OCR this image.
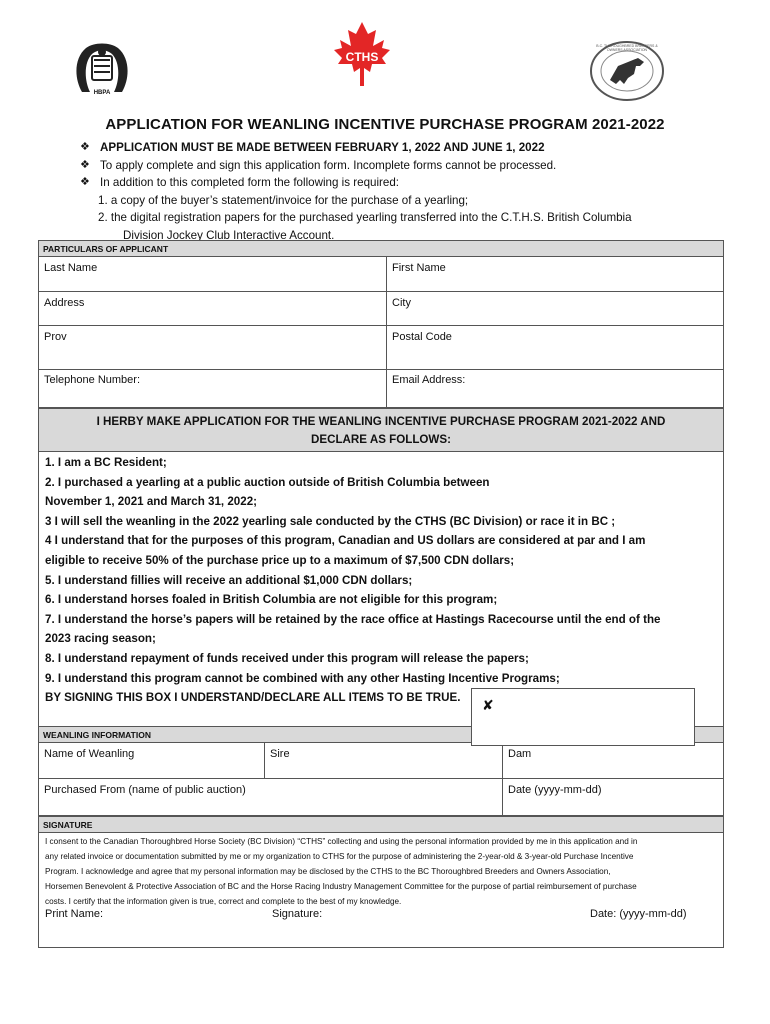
HBPA
CTHS
B.C. THOROUGHBRED BREEDERS & OWNERS ASSOCIATION
APPLICATION FOR WEANLING INCENTIVE PURCHASE PROGRAM 2021-2022
❖ APPLICATION MUST BE MADE BETWEEN FEBRUARY 1, 2022 AND JUNE 1, 2022
❖ To apply complete and sign this application form. Incomplete forms cannot be processed.
❖ In addition to this completed form the following is required:
1. a copy of the buyer’s statement/invoice for the purchase of a yearling;
2. the digital registration papers for the purchased yearling transferred into the C.T.H.S. British Columbia
Division Jockey Club Interactive Account.
PARTICULARS OF APPLICANT
Last Name	First Name
Address	City
Prov	Postal Code
Telephone Number:	Email Address:
I HERBY MAKE APPLICATION FOR THE WEANLING INCENTIVE PURCHASE PROGRAM 2021-2022 AND DECLARE AS FOLLOWS:
1. I am a BC Resident;
2. I purchased a yearling at a public auction outside of British Columbia between
November 1, 2021 and March 31, 2022;
3 I will sell the weanling in the 2022 yearling sale conducted by the CTHS (BC Division) or race it in BC ;
4 I understand that for the purposes of this program, Canadian and US dollars are considered at par and I am
eligible to receive 50% of the purchase price up to a maximum of $7,500 CDN dollars;
5. I understand fillies will receive an additional $1,000 CDN dollars;
6. I understand horses foaled in British Columbia are not eligible for this program;
7. I understand the horse’s papers will be retained by the race office at Hastings Racecourse until the end of the
2023 racing season;
8. I understand repayment of funds received under this program will release the papers;
9. I understand this program cannot be combined with any other Hasting Incentive Programs;
BY SIGNING THIS BOX I UNDERSTAND/DECLARE ALL ITEMS TO BE TRUE.
WEANLING INFORMATION
Name of Weanling	Sire	Dam
Purchased From (name of public auction)	Date (yyyy-mm-dd)
✘
SIGNATURE
I consent to the Canadian Thoroughbred Horse Society (BC Division) “CTHS” collecting and using the personal information provided by me in this application and in
any related invoice or documentation submitted by me or my organization to CTHS for the purpose of administering the 2-year-old & 3-year-old Purchase Incentive
Program. I acknowledge and agree that my personal information may be disclosed by the CTHS to the BC Thoroughbred Breeders and Owners Association,
Horsemen Benevolent & Protective Association of BC and the Horse Racing Industry Management Committee for the purpose of partial reimbursement of purchase
costs. I certify that the information given is true, correct and complete to the best of my knowledge.
Print Name:	Signature:	Date: (yyyy-mm-dd)
